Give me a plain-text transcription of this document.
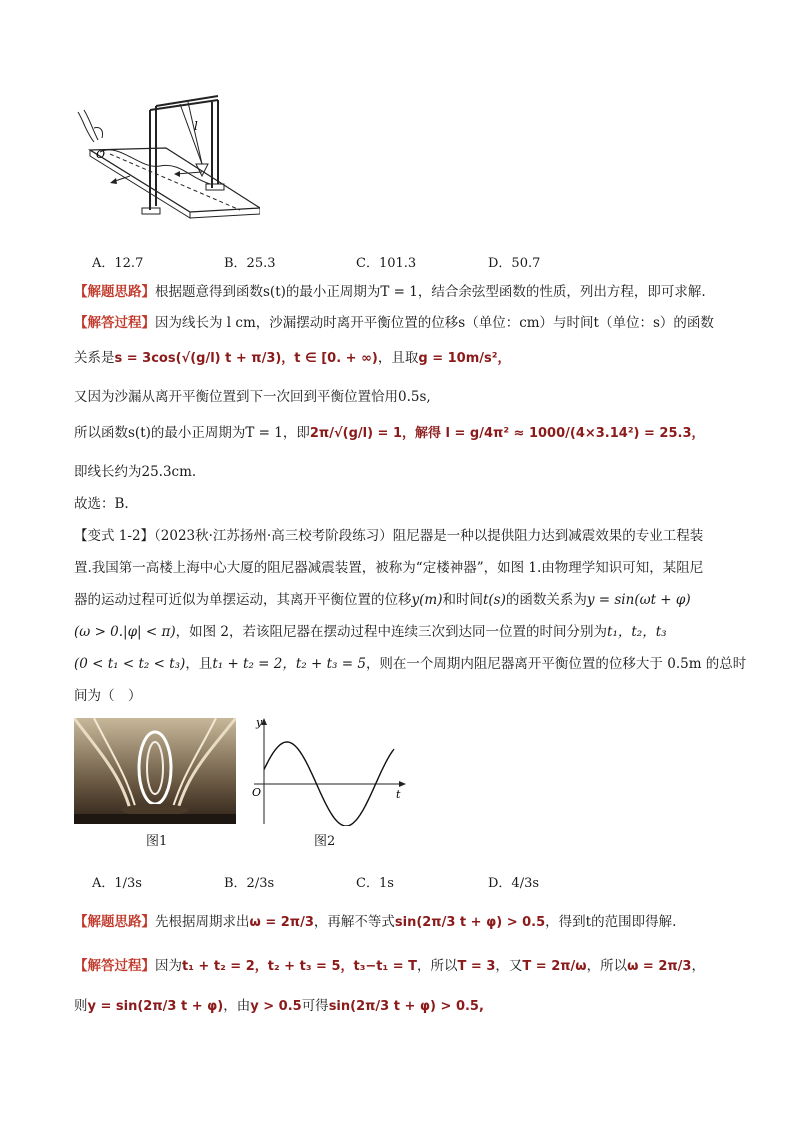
l
O
A．12.7	B．25.3	C．101.3	D．50.7
【解题思路】根据题意得到函数s(t)的最小正周期为T = 1，结合余弦型函数的性质，列出方程，即可求解.
【解答过程】因为线长为 l cm，沙漏摆动时离开平衡位置的位移s（单位：cm）与时间t（单位：s）的函数
关系是s = 3cos(√(g/l) t + π/3)，t ∈ [0. + ∞)，且取g = 10m/s²，
又因为沙漏从离开平衡位置到下一次回到平衡位置恰用0.5s,
所以函数s(t)的最小正周期为T = 1，即2π/√(g/l) = 1，解得 l = g/4π² ≈ 1000/(4×3.14²) = 25.3，
即线长约为25.3cm.
故选：B.
【变式 1-2】（2023秋·江苏扬州·高三校考阶段练习）阻尼器是一种以提供阻力达到减震效果的专业工程装
置.我国第一高楼上海中心大厦的阻尼器减震装置，被称为“定楼神器”，如图 1.由物理学知识可知，某阻尼
器的运动过程可近似为单摆运动，其离开平衡位置的位移y(m)和时间t(s)的函数关系为y = sin(ωt + φ)
(ω > 0.|φ| < π)，如图 2，若该阻尼器在摆动过程中连续三次到达同一位置的时间分别为t₁，t₂，t₃
(0 < t₁ < t₂ < t₃)，且t₁ + t₂ = 2，t₂ + t₃ = 5，则在一个周期内阻尼器离开平衡位置的位移大于 0.5m 的总时
间为（　）
图1
y
t
O
图2
A．1/3s	B．2/3s	C．1s	D．4/3s
【解题思路】先根据周期求出ω = 2π/3，再解不等式sin(2π/3 t + φ) > 0.5，得到t的范围即得解.
【解答过程】因为t₁ + t₂ = 2，t₂ + t₃ = 5，t₃−t₁ = T，所以T = 3，又T = 2π/ω，所以ω = 2π/3，
则y = sin(2π/3 t + φ)，由y > 0.5可得sin(2π/3 t + φ) > 0.5,
